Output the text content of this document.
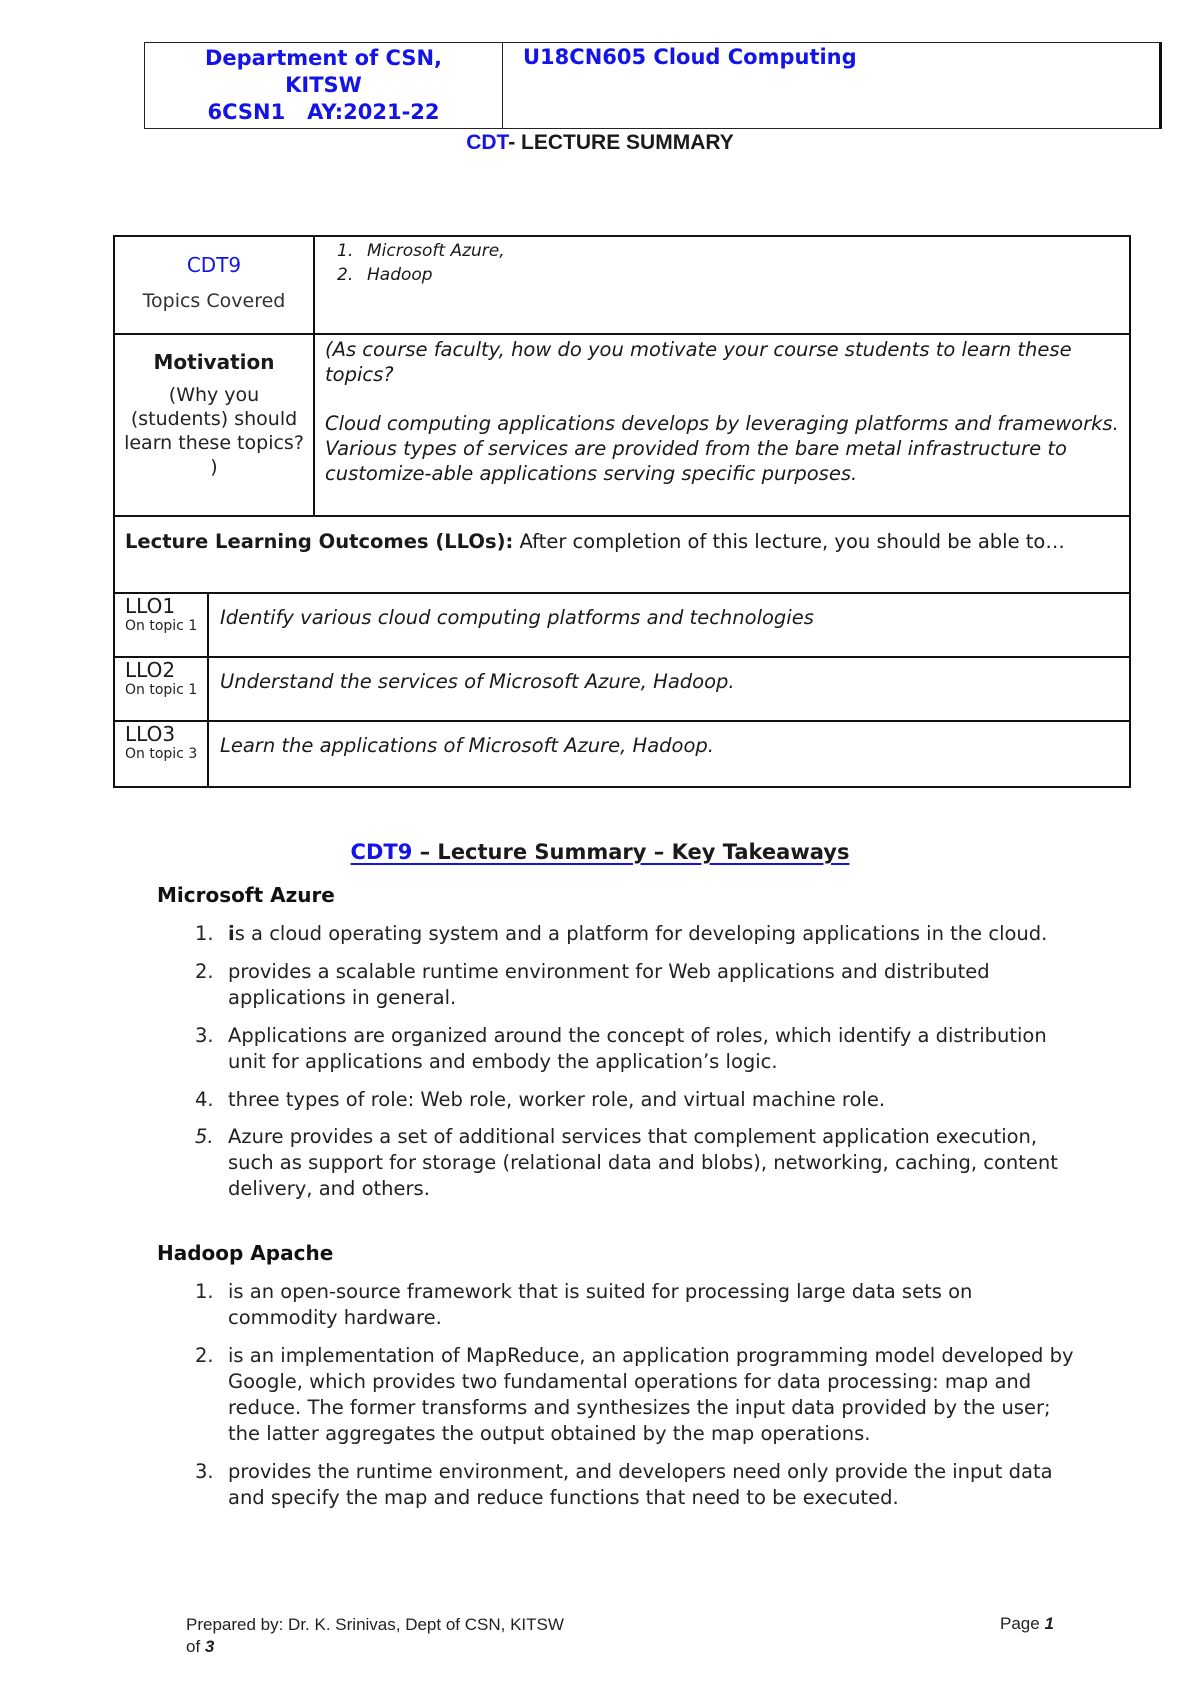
Department of CSN,
KITSW
6CSN1   AY:2021-22
U18CN605 Cloud Computing
CDT- LECTURE SUMMARY
CDT9
Topics Covered
1. Microsoft Azure,
2. Hadoop
Motivation
(Why you (students) should learn these topics? )
(As course faculty, how do you motivate your course students to learn these topics?
Cloud computing applications develops by leveraging platforms and frameworks. Various types of services are provided from the bare metal infrastructure to customize-able applications serving specific purposes.
Lecture Learning Outcomes (LLOs): After completion of this lecture, you should be able to…
LLO1
On topic 1	Identify various cloud computing platforms and technologies
LLO2
On topic 1	Understand the services of Microsoft Azure, Hadoop.
LLO3
On topic 3	Learn the applications of Microsoft Azure, Hadoop.
CDT9 – Lecture Summary – Key Takeaways
Microsoft Azure
1. is a cloud operating system and a platform for developing applications in the cloud.
2. provides a scalable runtime environment for Web applications and distributed applications in general.
3. Applications are organized around the concept of roles, which identify a distribution unit for applications and embody the application’s logic.
4. three types of role: Web role, worker role, and virtual machine role.
5. Azure provides a set of additional services that complement application execution, such as support for storage (relational data and blobs), networking, caching, content delivery, and others.
Hadoop Apache
1. is an open-source framework that is suited for processing large data sets on commodity hardware.
2. is an implementation of MapReduce, an application programming model developed by Google, which provides two fundamental operations for data processing: map and reduce. The former transforms and synthesizes the input data provided by the user; the latter aggregates the output obtained by the map operations.
3. provides the runtime environment, and developers need only provide the input data and specify the map and reduce functions that need to be executed.
Prepared by: Dr. K. Srinivas, Dept of CSN, KITSW
of 3
Page 1
